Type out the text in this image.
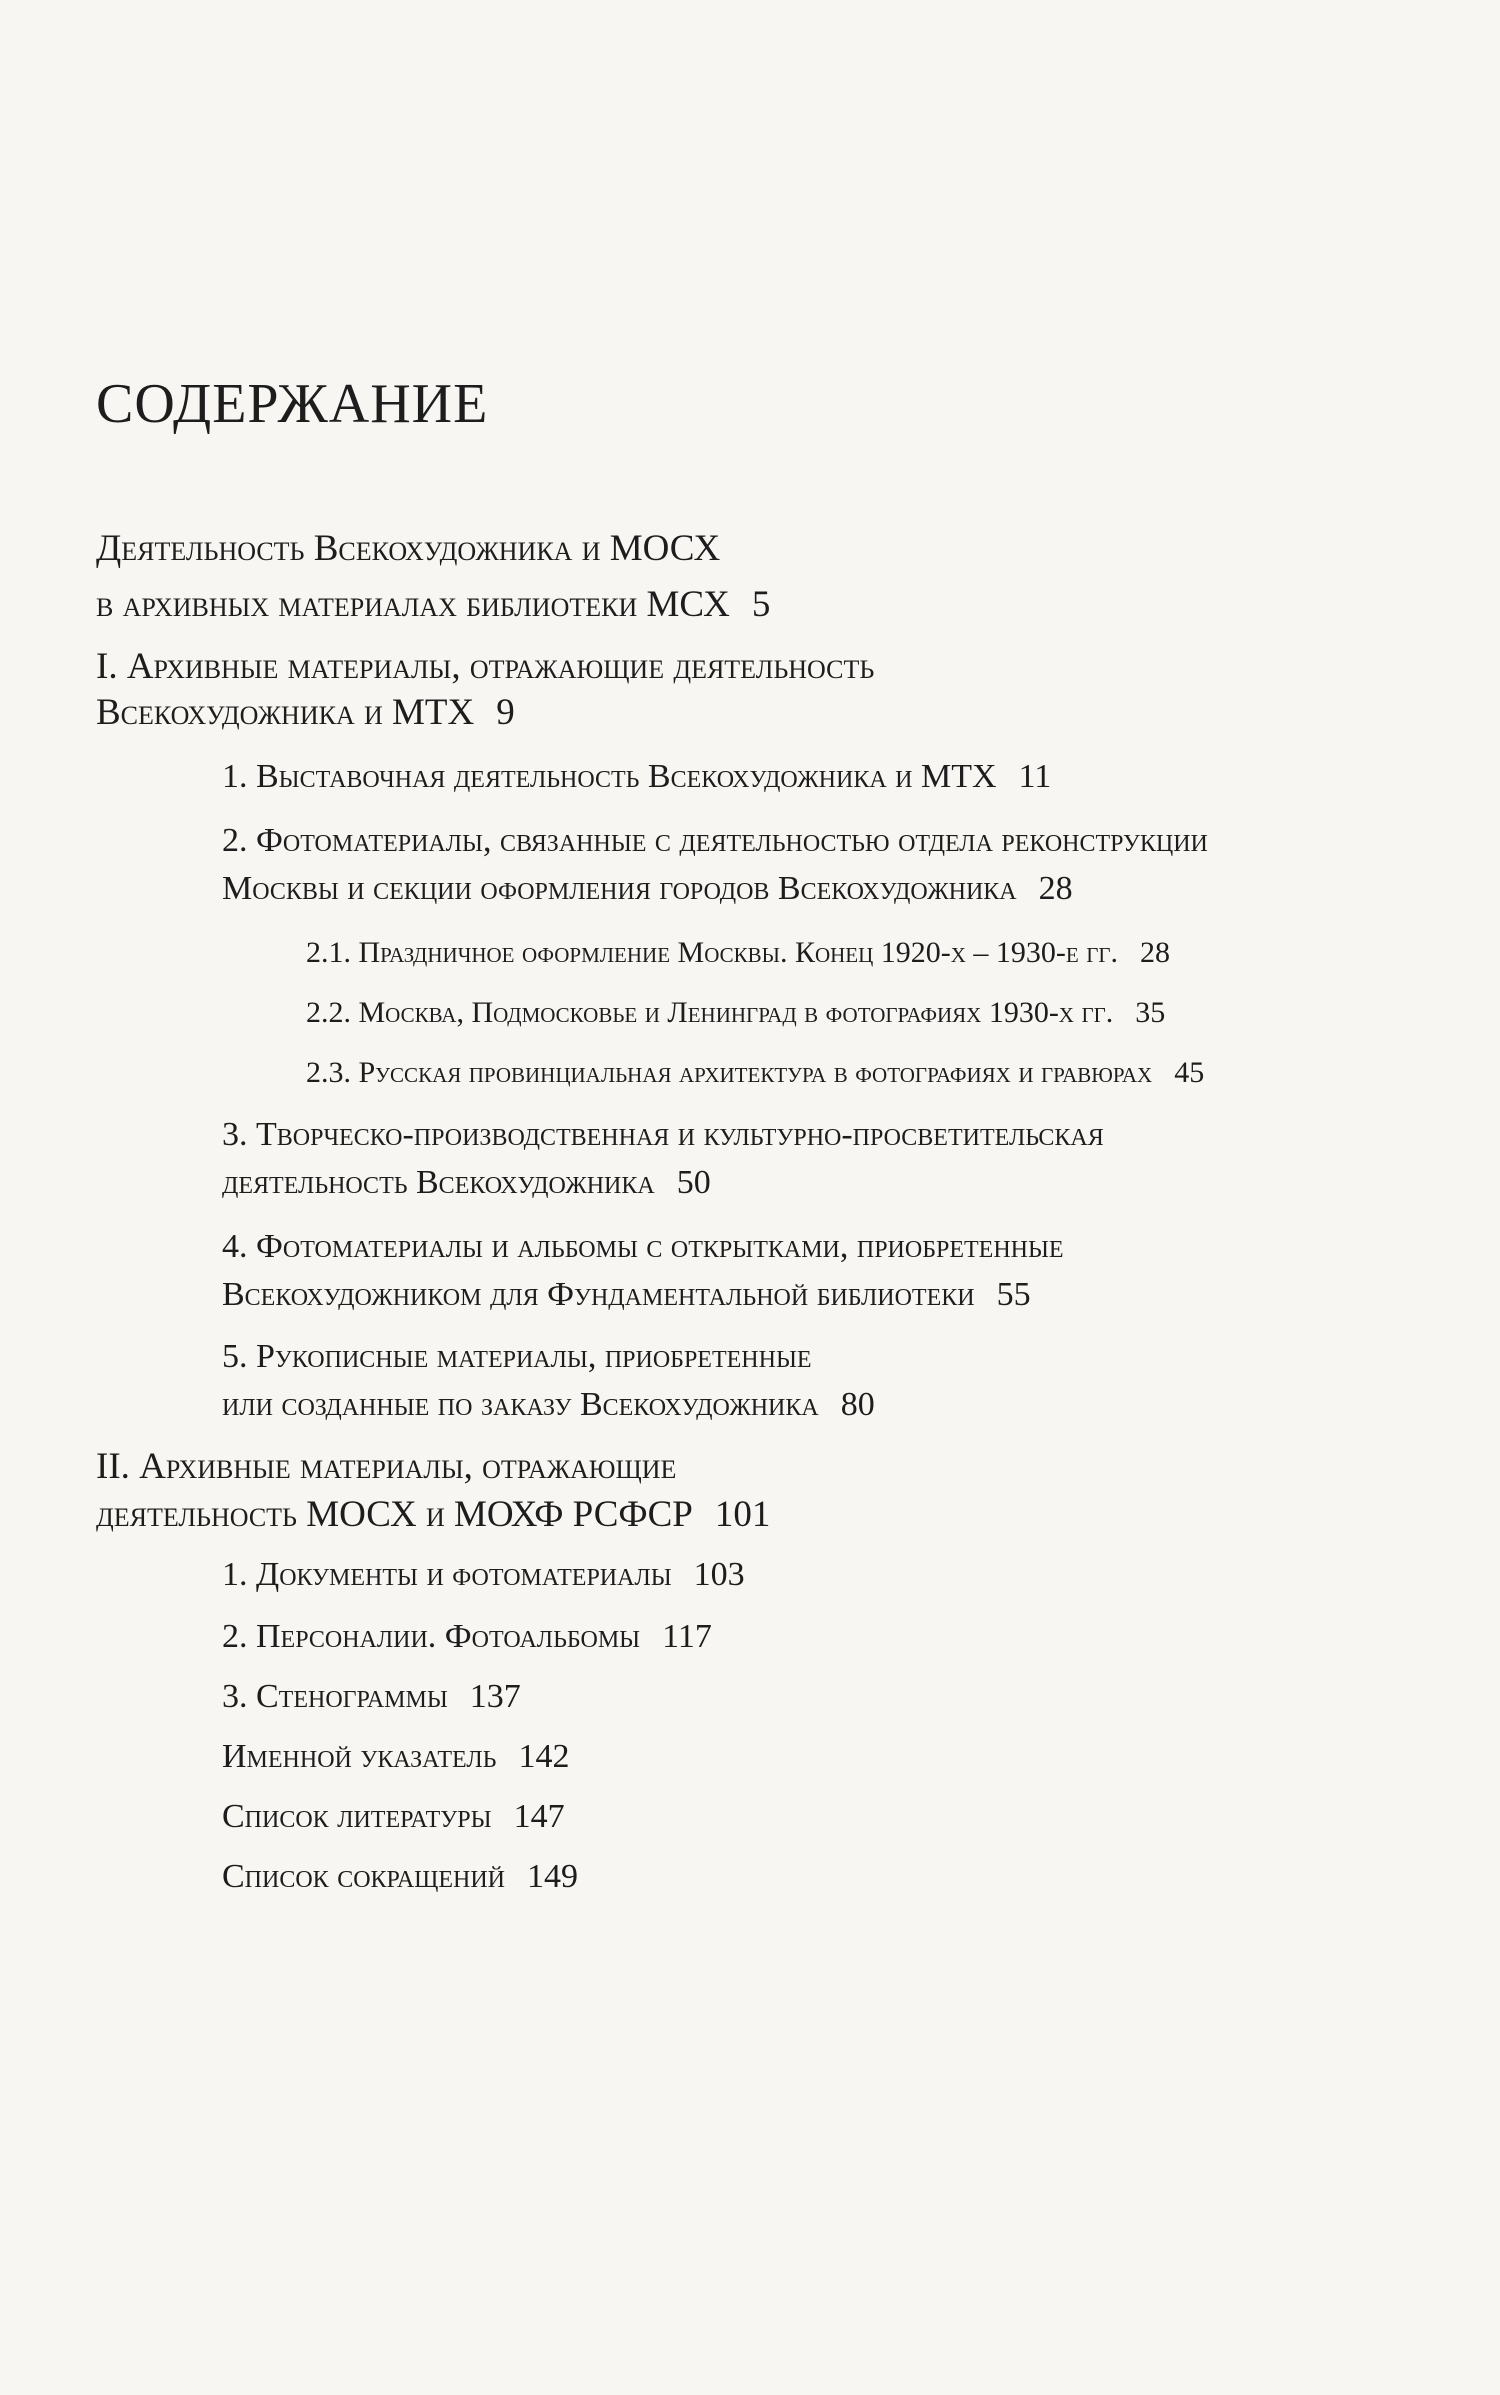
СОДЕРЖАНИЕ
Деятельность Всекохудожника и МОСХ
в архивных материалах библиотеки МСХ 5
I. Архивные материалы, отражающие деятельность
Всекохудожника и МТХ 9
1. Выставочная деятельность Всекохудожника и МТХ 11
2. Фотоматериалы, связанные с деятельностью отдела реконструкции
Москвы и секции оформления городов Всекохудожника 28
2.1. Праздничное оформление Москвы. Конец 1920-х – 1930-е гг. 28
2.2. Москва, Подмосковье и Ленинград в фотографиях 1930-х гг. 35
2.3. Русская провинциальная архитектура в фотографиях и гравюрах 45
3. Творческо-производственная и культурно-просветительская
деятельность Всекохудожника 50
4. Фотоматериалы и альбомы с открытками, приобретенные
Всекохудожником для Фундаментальной библиотеки 55
5. Рукописные материалы, приобретенные
или созданные по заказу Всекохудожника 80
II. Архивные материалы, отражающие
деятельность МОСХ и МОХФ РСФСР 101
1. Документы и фотоматериалы 103
2. Персоналии. Фотоальбомы 117
3. Стенограммы 137
Именной указатель 142
Список литературы 147
Список сокращений 149
